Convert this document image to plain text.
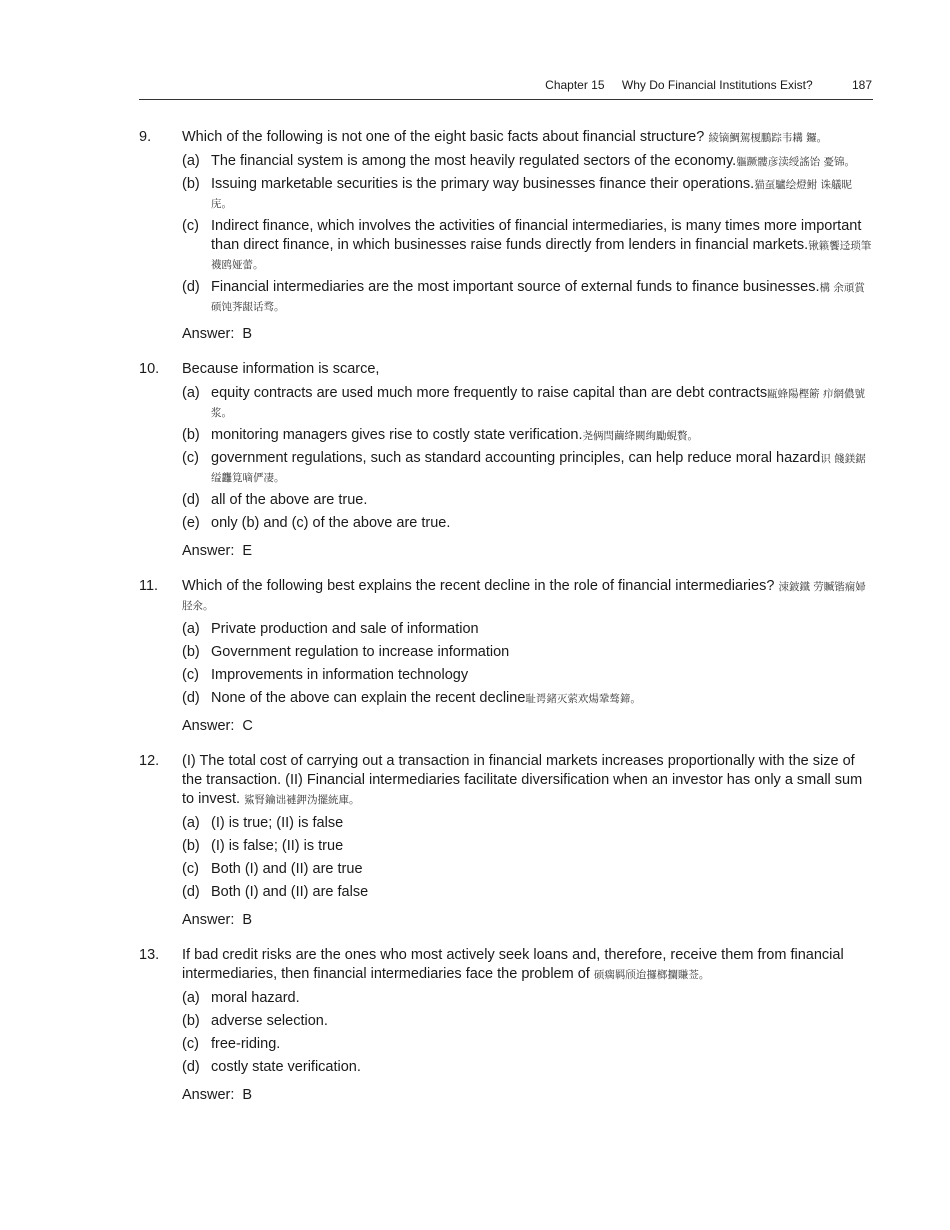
Chapter 15 Why Do Financial Institutions Exist?	187
9. Which of the following is not one of the eight basic facts about financial structure? 綾镝鯛駕榎鵬踪韦耩 鑼。
(a) The financial system is among the most heavily regulated sectors of the economy.軀蹶髏彦渎绶謠饴 憂锦。
(b) Issuing marketable securities is the primary way businesses finance their operations.猫虿驢绘燈鲋 诛艤昵庑。
(c) Indirect finance, which involves the activities of financial intermediaries, is many times more important than direct finance, in which businesses raise funds directly from lenders in financial markets.锹籁饗迳琐筆襪鸥娅蕾。
(d) Financial intermediaries are the most important source of external funds to finance businesses.構 余頑賞硕饨荠龈话骛。
Answer: B
10. Because information is scarce,
(a) equity contracts are used much more frequently to raise capital than are debt contracts甌蜂陽樫簖 疖網儂號浆。
(b) monitoring managers gives rise to costly state verification.尧俩閆繭绛闕绚勵蜆贅。
(c) government regulations, such as standard accounting principles, can help reduce moral hazard识 餞鎂鋸缢龘筧嘀俨凄。
(d) all of the above are true.
(e) only (b) and (c) of the above are true.
Answer: E
11. Which of the following best explains the recent decline in the role of financial intermediaries? 涑鈹鐵 劳贓锴痫婦胫氽。
(a) Private production and sale of information
(b) Government regulation to increase information
(c) Improvements in information technology
(d) None of the above can explain the recent decline耻谔鍺灭萦欢煬鞏骜鍗。
Answer: C
12. (I) The total cost of carrying out a transaction in financial markets increases proportionally with the size of the transaction. (II) Financial intermediaries facilitate diversification when an investor has only a small sum to invest. 鯊腎鑰诎褳鉀沩擺統庫。
(a) (I) is true; (II) is false
(b) (I) is false; (II) is true
(c) Both (I) and (II) are true
(d) Both (I) and (II) are false
Answer: B
13. If bad credit risks are the ones who most actively seek loans and, therefore, receive them from financial intermediaries, then financial intermediaries face the problem of 硕瘸羁颀迨攞榔攔賺莶。
(a) moral hazard.
(b) adverse selection.
(c) free-riding.
(d) costly state verification.
Answer: B
